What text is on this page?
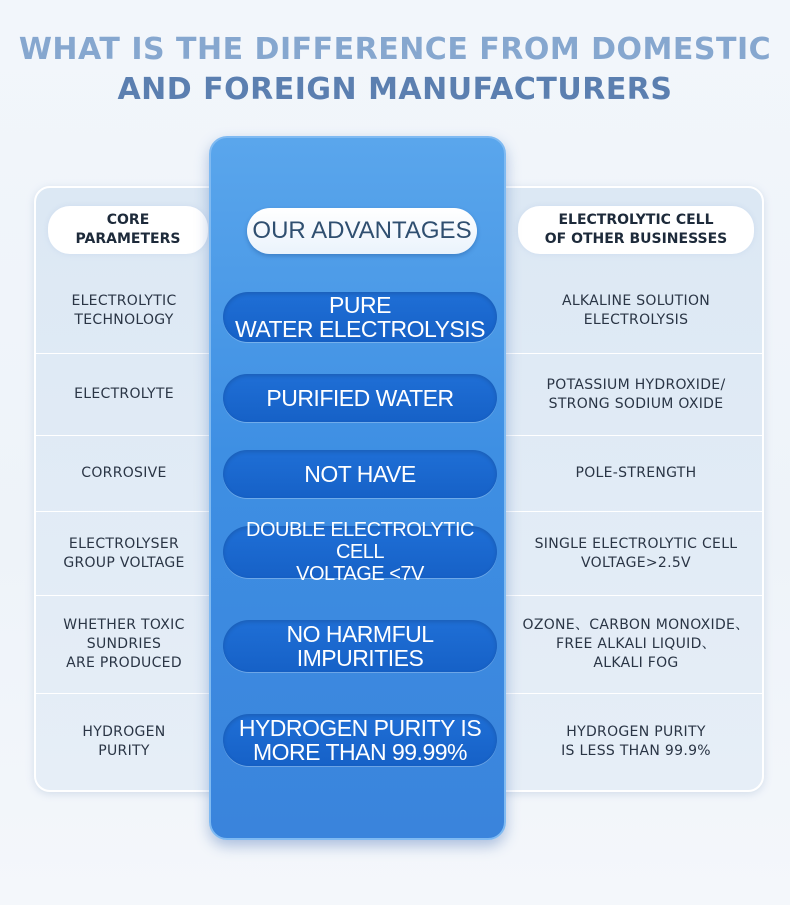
WHAT IS THE DIFFERENCE FROM DOMESTIC
AND FOREIGN MANUFACTURERS
CORE
PARAMETERS
ELECTROLYTIC
TECHNOLOGY
ELECTROLYTE
CORROSIVE
ELECTROLYSER
GROUP VOLTAGE
WHETHER TOXIC
SUNDRIES
ARE PRODUCED
HYDROGEN
PURITY
ELECTROLYTIC CELL
OF OTHER BUSINESSES
ALKALINE SOLUTION
ELECTROLYSIS
POTASSIUM HYDROXIDE/
STRONG SODIUM OXIDE
POLE-STRENGTH
SINGLE ELECTROLYTIC CELL
VOLTAGE>2.5V
OZONE、CARBON MONOXIDE、
FREE ALKALI LIQUID、
ALKALI FOG
HYDROGEN PURITY
IS LESS THAN 99.9%
OUR ADVANTAGES
PURE
WATER ELECTROLYSIS
PURIFIED WATER
NOT HAVE
DOUBLE ELECTROLYTIC CELL
VOLTAGE <7V
NO HARMFUL
IMPURITIES
HYDROGEN PURITY IS
MORE THAN 99.99%
